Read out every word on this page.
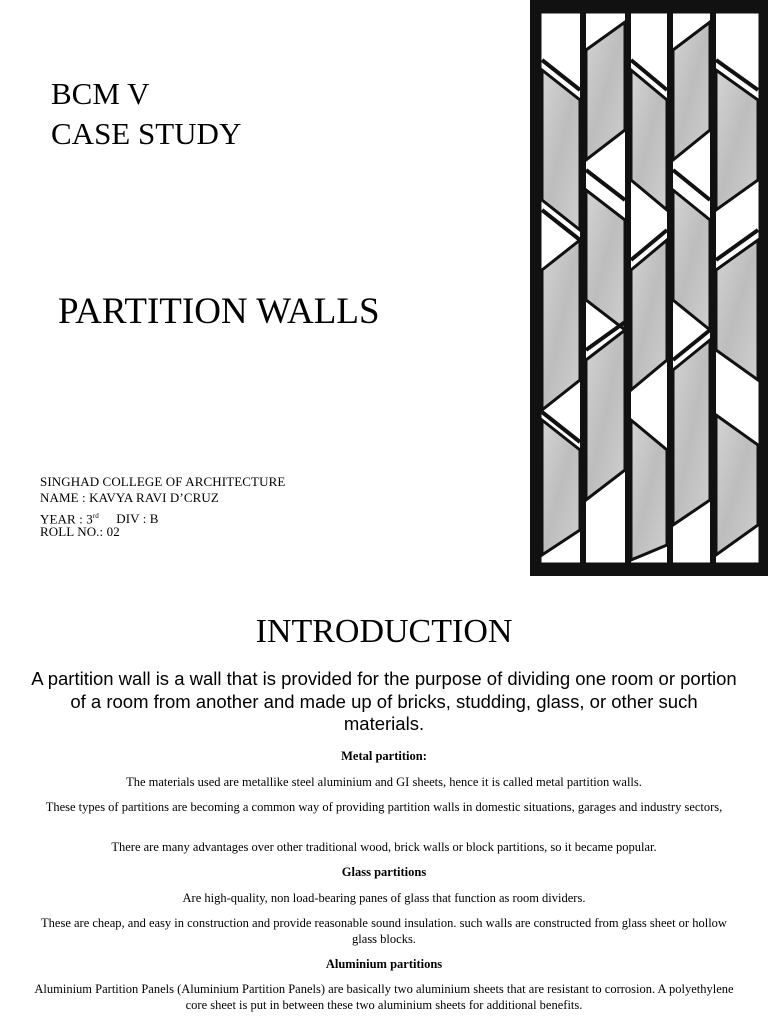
BCM V
CASE STUDY
PARTITION WALLS
SINGHAD COLLEGE OF ARCHITECTURE
NAME : KAVYA RAVI D’CRUZ
YEAR : 3rd DIV : B
ROLL NO.: 02
INTRODUCTION
A partition wall is a wall that is provided for the purpose of dividing one room or portion of a room from another and made up of bricks, studding, glass, or other such materials.
Metal partition:
The materials used are metallike steel aluminium and GI sheets, hence it is called metal partition walls.
These types of partitions are becoming a common way of providing partition walls in domestic situations, garages and industry sectors,
There are many advantages over other traditional wood, brick walls or block partitions, so it became popular.
Glass partitions
Are high-quality, non load-bearing panes of glass that function as room dividers.
These are cheap, and easy in construction and provide reasonable sound insulation. such walls are constructed from glass sheet or hollow glass blocks.
Aluminium partitions
Aluminium Partition Panels (Aluminium Partition Panels) are basically two aluminium sheets that are resistant to corrosion. A polyethylene core sheet is put in between these two aluminium sheets for additional benefits.
